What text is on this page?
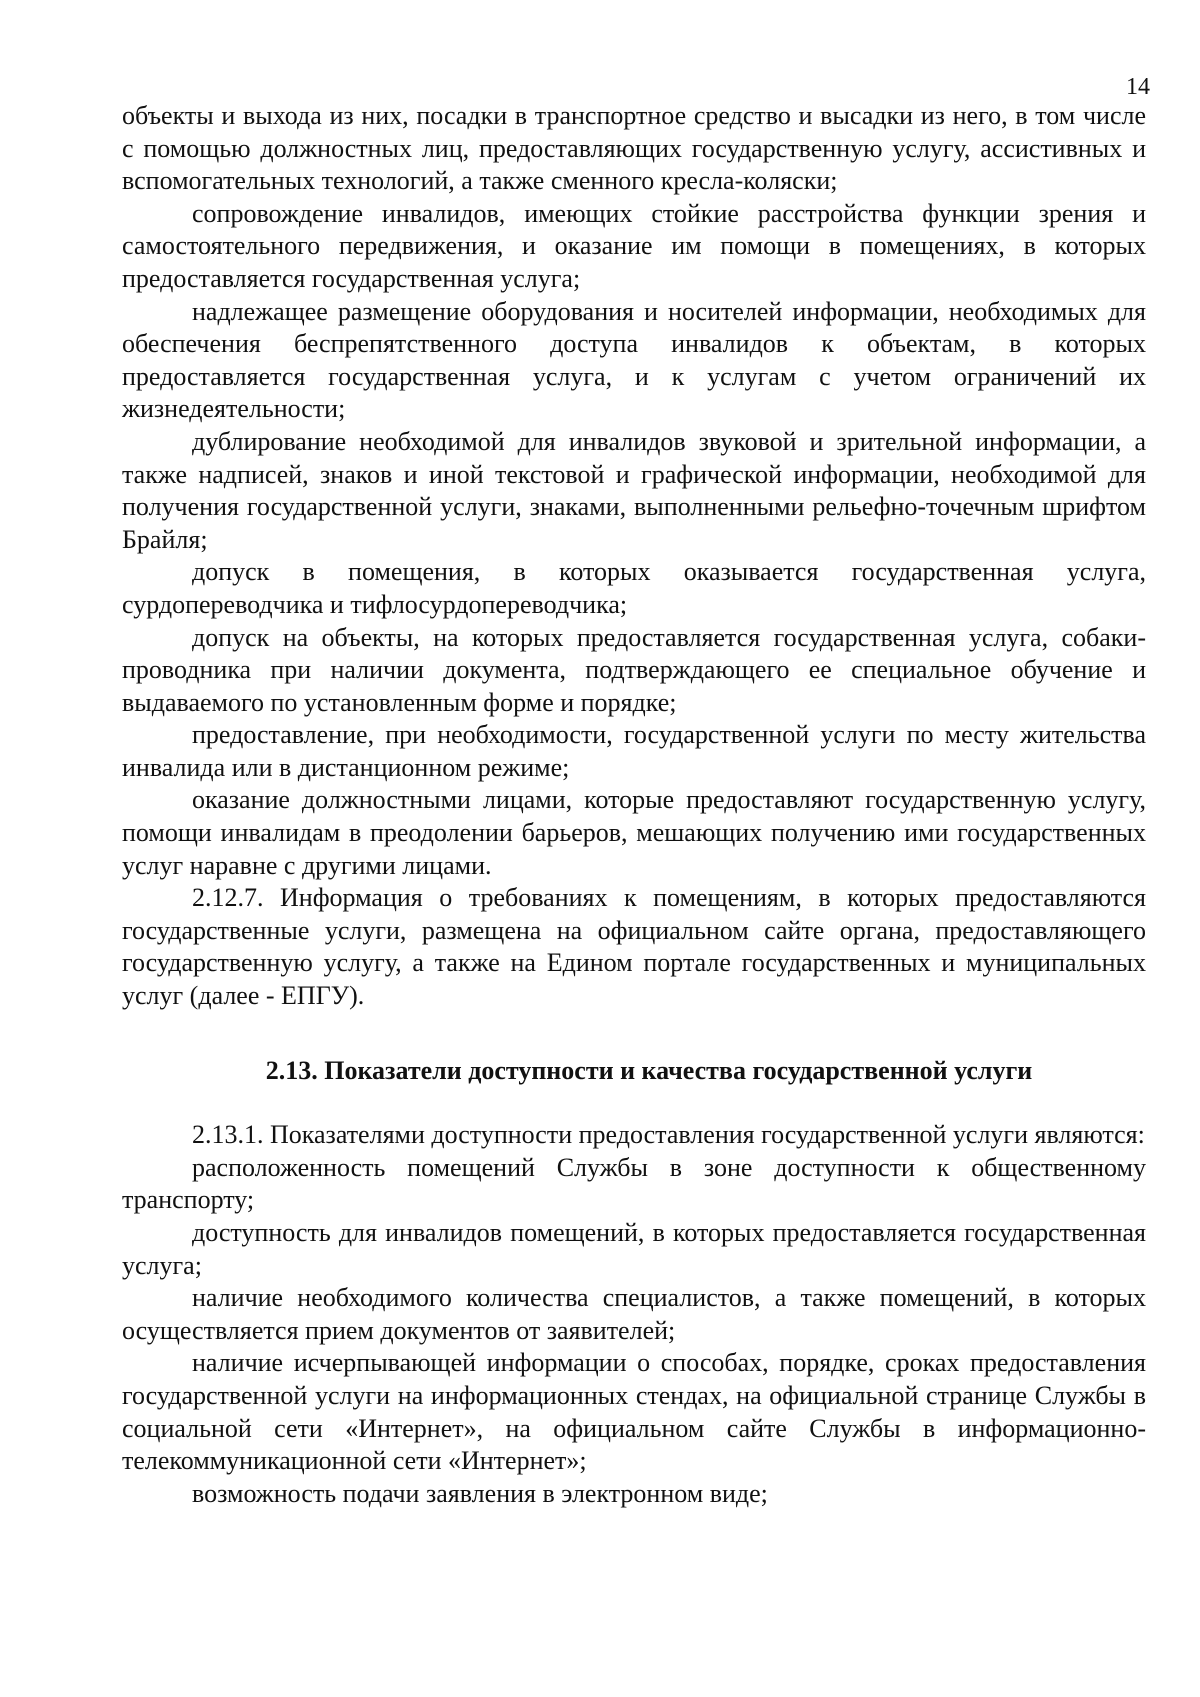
14

объекты и выхода из них, посадки в транспортное средство и высадки из него, в том числе с помощью должностных лиц, предоставляющих государственную услугу, ассистивных и вспомогательных технологий, а также сменного кресла-коляски;

сопровождение инвалидов, имеющих стойкие расстройства функции зрения и самостоятельного передвижения, и оказание им помощи в помещениях, в которых предоставляется государственная услуга;

надлежащее размещение оборудования и носителей информации, необходимых для обеспечения беспрепятственного доступа инвалидов к объектам, в которых предоставляется государственная услуга, и к услугам с учетом ограничений их жизнедеятельности;

дублирование необходимой для инвалидов звуковой и зрительной информации, а также надписей, знаков и иной текстовой и графической информации, необходимой для получения государственной услуги, знаками, выполненными рельефно-точечным шрифтом Брайля;

допуск в помещения, в которых оказывается государственная услуга, сурдопереводчика и тифлосурдопереводчика;

допуск на объекты, на которых предоставляется государственная услуга, собаки-проводника при наличии документа, подтверждающего ее специальное обучение и выдаваемого по установленным форме и порядке;

предоставление, при необходимости, государственной услуги по месту жительства инвалида или в дистанционном режиме;

оказание должностными лицами, которые предоставляют государственную услугу, помощи инвалидам в преодолении барьеров, мешающих получению ими государственных услуг наравне с другими лицами.

2.12.7. Информация о требованиях к помещениям, в которых предоставляются государственные услуги, размещена на официальном сайте органа, предоставляющего государственную услугу, а также на Едином портале государственных и муниципальных услуг (далее - ЕПГУ).

2.13. Показатели доступности и качества государственной услуги

2.13.1. Показателями доступности предоставления государственной услуги являются:

расположенность помещений Службы в зоне доступности к общественному транспорту;

доступность для инвалидов помещений, в которых предоставляется государственная услуга;

наличие необходимого количества специалистов, а также помещений, в которых осуществляется прием документов от заявителей;

наличие исчерпывающей информации о способах, порядке, сроках предоставления государственной услуги на информационных стендах, на официальной странице Службы в социальной сети «Интернет», на официальном сайте Службы в информационно-телекоммуникационной сети «Интернет»;

возможность подачи заявления в электронном виде;
